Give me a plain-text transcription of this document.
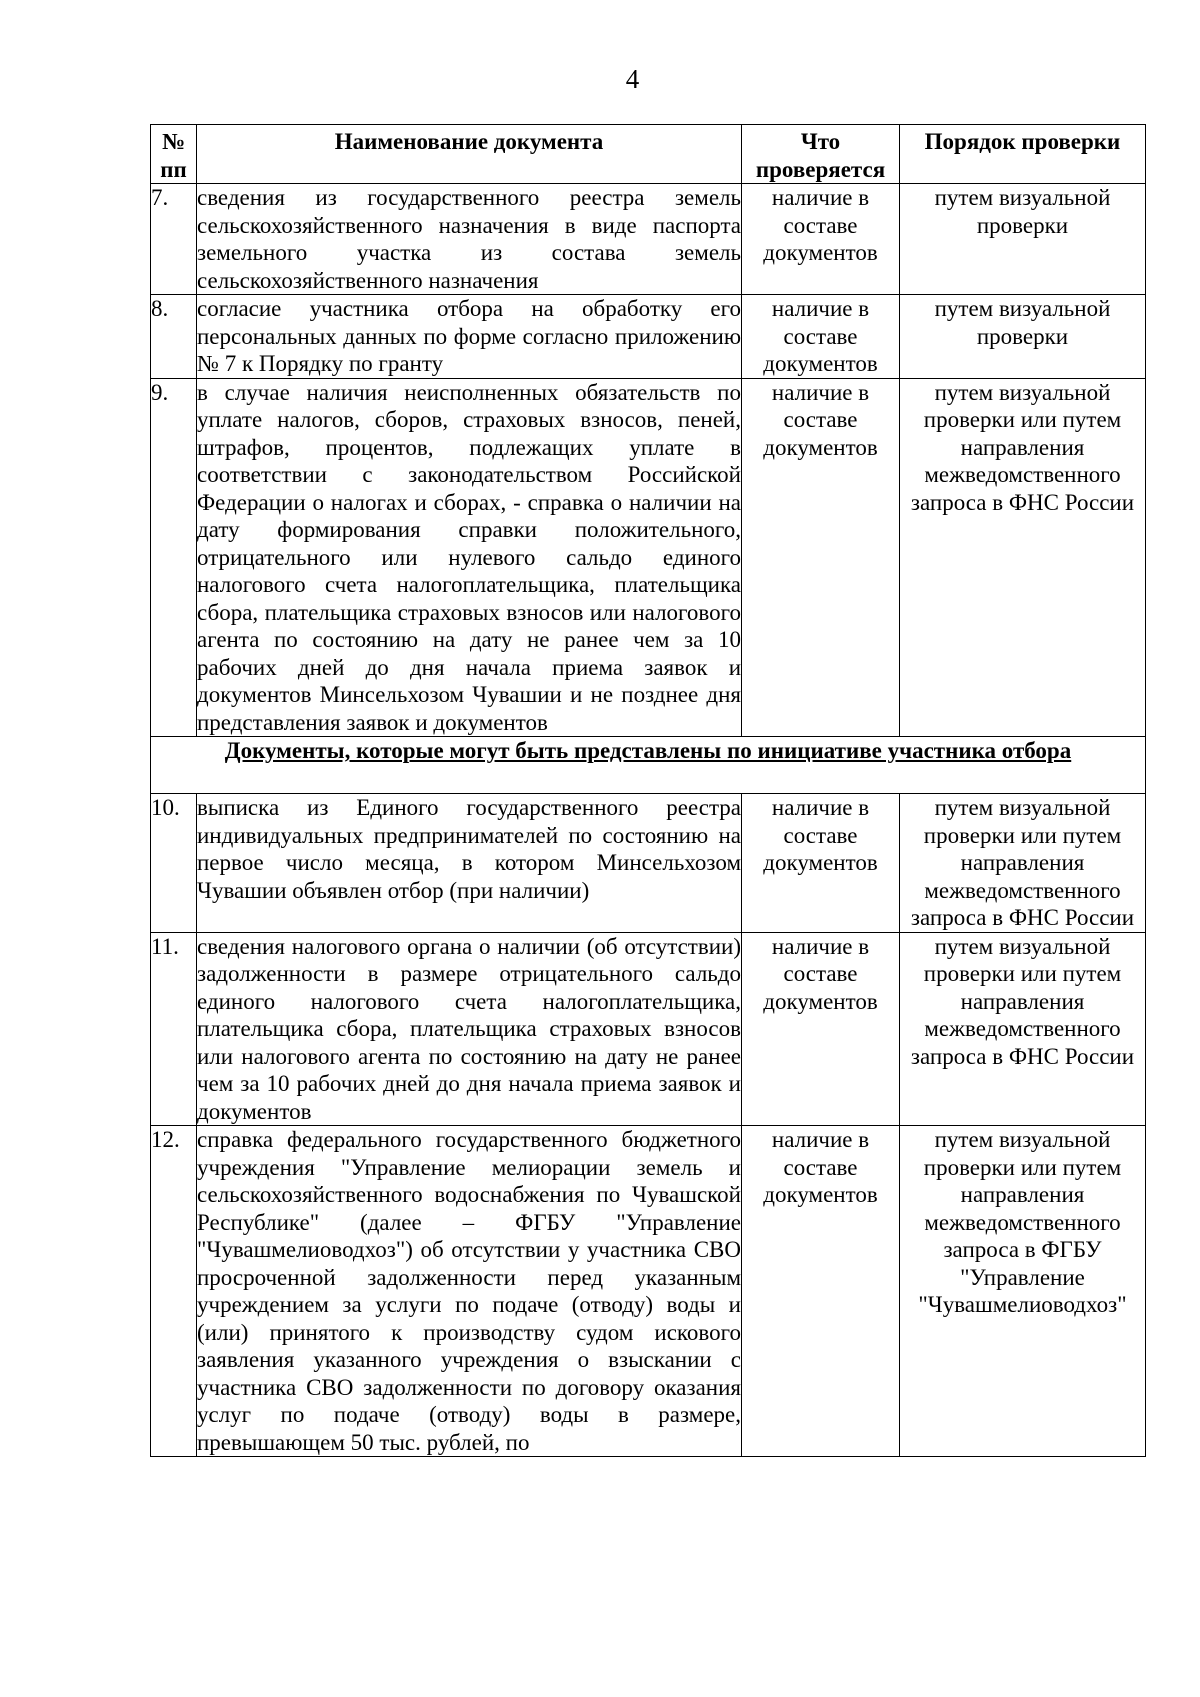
4
№ пп	Наименование документа	Что проверяется	Порядок проверки
7.	сведения из государственного реестра земель сельскохозяйственного назначения в виде паспорта земельного участка из состава земель сельскохозяйственного назначения	наличие в составе документов	путем визуальной проверки
8.	согласие участника отбора на обработку его персональных данных по форме согласно приложению № 7 к Порядку по гранту	наличие в составе документов	путем визуальной проверки
9.	в случае наличия неисполненных обязательств по уплате налогов, сборов, страховых взносов, пеней, штрафов, процентов, подлежащих уплате в соответствии с законодательством Российской Федерации о налогах и сборах, - справка о наличии на дату формирования справки положительного, отрицательного или нулевого сальдо единого налогового счета налогоплательщика, плательщика сбора, плательщика страховых взносов или налогового агента по состоянию на дату не ранее чем за 10 рабочих дней до дня начала приема заявок и документов Минсельхозом Чувашии и не позднее дня представления заявок и документов	наличие в составе документов	путем визуальной проверки или путем направления межведомственного запроса в ФНС России
Документы, которые могут быть представлены по инициативе участника отбора			
10.	выписка из Единого государственного реестра индивидуальных предпринимателей по состоянию на первое число месяца, в котором Минсельхозом Чувашии объявлен отбор (при наличии)	наличие в составе документов	путем визуальной проверки или путем направления межведомственного запроса в ФНС России
11.	сведения налогового органа о наличии (об отсутствии) задолженности в размере отрицательного сальдо единого налогового счета налогоплательщика, плательщика сбора, плательщика страховых взносов или налогового агента по состоянию на дату не ранее чем за 10 рабочих дней до дня начала приема заявок и документов	наличие в составе документов	путем визуальной проверки или путем направления межведомственного запроса в ФНС России
12.	справка федерального государственного бюджетного учреждения "Управление мелиорации земель и сельскохозяйственного водоснабжения по Чувашской Республике" (далее – ФГБУ "Управление "Чувашмелиоводхоз") об отсутствии у участника СВО просроченной задолженности перед указанным учреждением за услуги по подаче (отводу) воды и (или) принятого к производству судом искового заявления указанного учреждения о взыскании с участника СВО задолженности по договору оказания услуг по подаче (отводу) воды в размере, превышающем 50 тыс. рублей, по	наличие в составе документов	путем визуальной проверки или путем направления межведомственного запроса в ФГБУ "Управление "Чувашмелиоводхоз"
